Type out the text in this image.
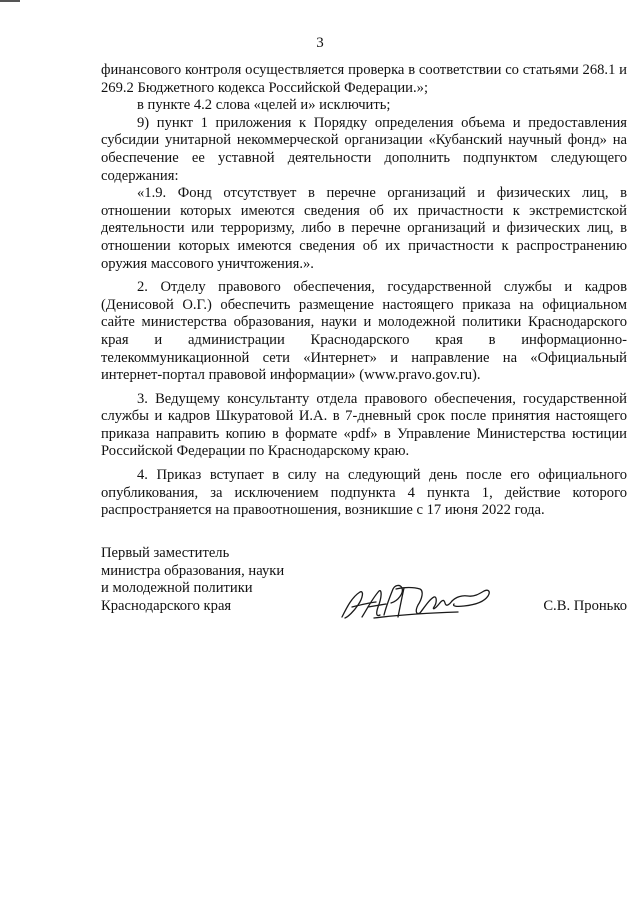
3

финансового контроля осуществляется проверка в соответствии со статьями 268.1 и 269.2 Бюджетного кодекса Российской Федерации.»;

в пункте 4.2 слова «целей и» исключить;

9) пункт 1 приложения к Порядку определения объема и предоставления субсидии унитарной некоммерческой организации «Кубанский научный фонд» на обеспечение ее уставной деятельности дополнить подпунктом следующего содержания:

«1.9. Фонд отсутствует в перечне организаций и физических лиц, в отношении которых имеются сведения об их причастности к экстремистской деятельности или терроризму, либо в перечне организаций и физических лиц, в отношении которых имеются сведения об их причастности к распространению оружия массового уничтожения.».

2. Отделу правового обеспечения, государственной службы и кадров (Денисовой О.Г.) обеспечить размещение настоящего приказа на официальном сайте министерства образования, науки и молодежной политики Краснодарского края и администрации Краснодарского края в информационно-телекоммуникационной сети «Интернет» и направление на «Официальный интернет-портал правовой информации» (www.pravo.gov.ru).

3. Ведущему консультанту отдела правового обеспечения, государственной службы и кадров Шкуратовой И.А. в 7-дневный срок после принятия настоящего приказа направить копию в формате «pdf» в Управление Министерства юстиции Российской Федерации по Краснодарскому краю.

4. Приказ вступает в силу на следующий день после его официального опубликования, за исключением подпункта 4 пункта 1, действие которого распространяется на правоотношения, возникшие с 17 июня 2022 года.

Первый заместитель
министра образования, науки
и молодежной политики
Краснодарского края	С.В. Пронько
